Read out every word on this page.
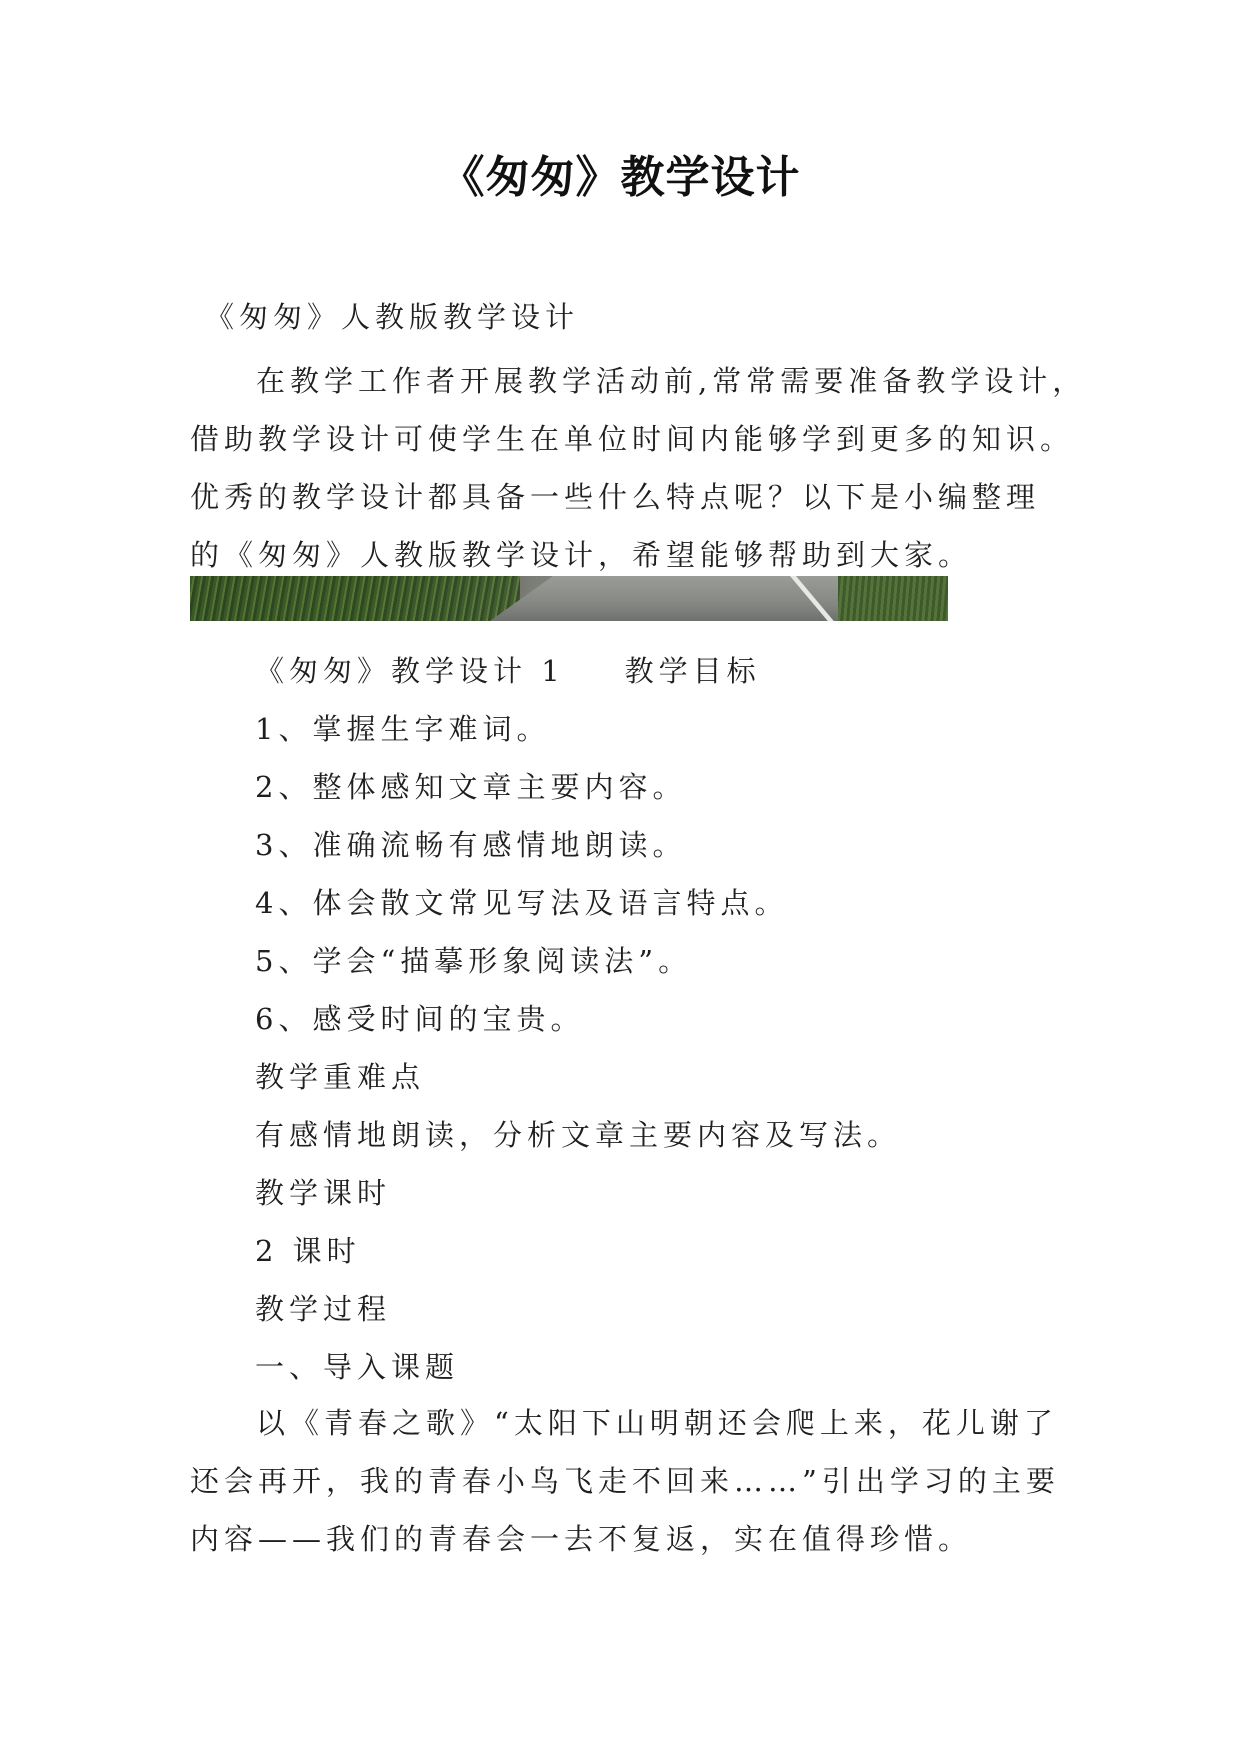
《匆匆》教学设计
《匆匆》人教版教学设计
在教学工作者开展教学活动前,常常需要准备教学设计，
借助教学设计可使学生在单位时间内能够学到更多的知识。
优秀的教学设计都具备一些什么特点呢？以下是小编整理
的《匆匆》人教版教学设计，希望能够帮助到大家。
《匆匆》教学设计 1 教学目标
1、掌握生字难词。
2、整体感知文章主要内容。
3、准确流畅有感情地朗读。
4、体会散文常见写法及语言特点。
5、学会“描摹形象阅读法”。
6、感受时间的宝贵。
教学重难点
有感情地朗读，分析文章主要内容及写法。
教学课时
2 课时
教学过程
一、导入课题
以《青春之歌》“太阳下山明朝还会爬上来，花儿谢了
还会再开，我的青春小鸟飞走不回来……”引出学习的主要
内容——我们的青春会一去不复返，实在值得珍惜。
